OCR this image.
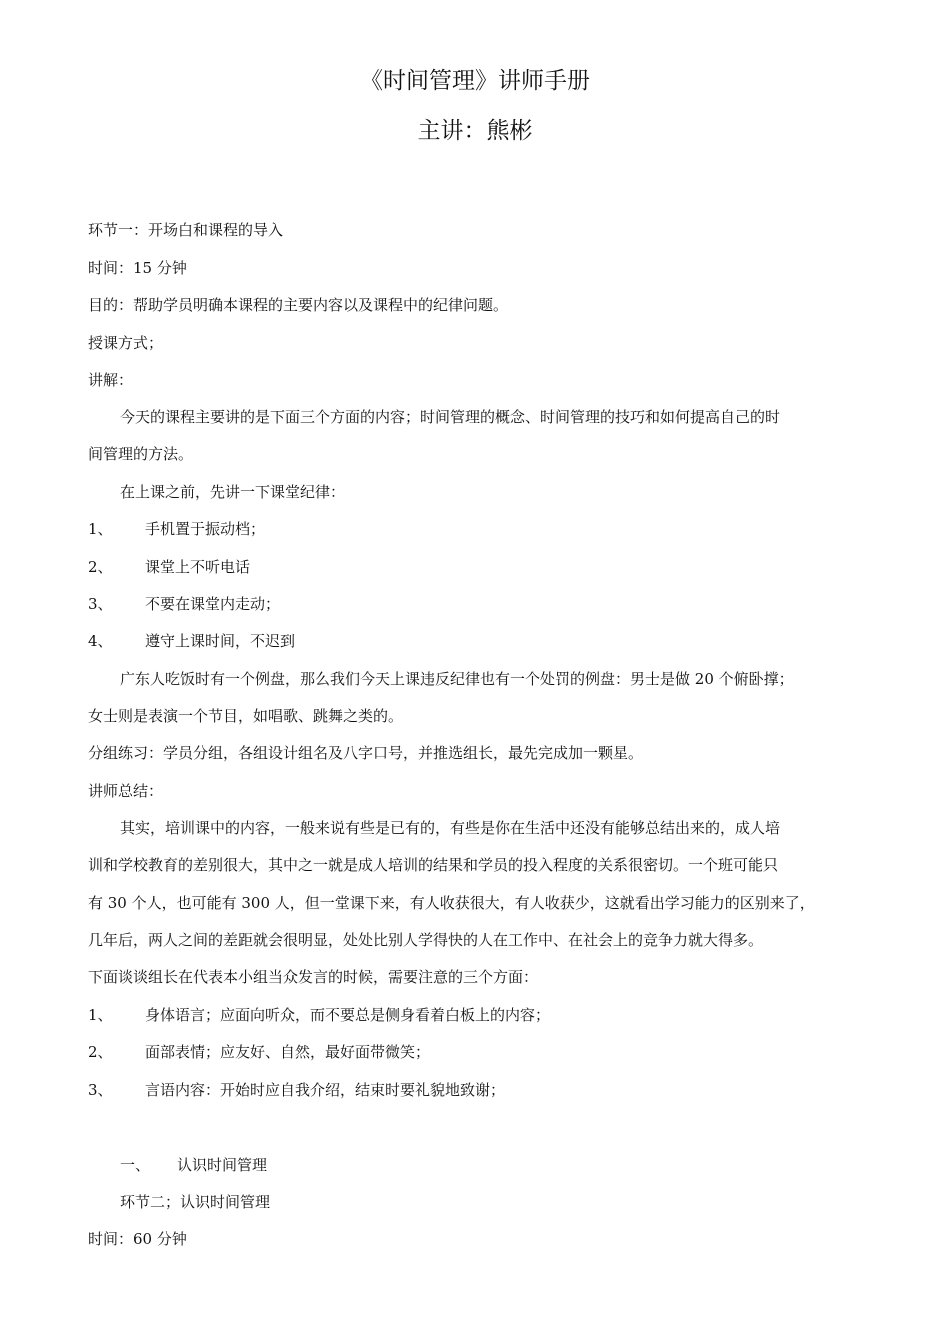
《时间管理》讲师手册
主讲：熊彬

环节一：开场白和课程的导入

时间：15 分钟

目的：帮助学员明确本课程的主要内容以及课程中的纪律问题。

授课方式；

讲解：

今天的课程主要讲的是下面三个方面的内容；时间管理的概念、时间管理的技巧和如何提高自己的时

间管理的方法。

在上课之前，先讲一下课堂纪律：

1、 手机置于振动档；

2、 课堂上不听电话

3、 不要在课堂内走动；

4、 遵守上课时间，不迟到

广东人吃饭时有一个例盘，那么我们今天上课违反纪律也有一个处罚的例盘：男士是做 20 个俯卧撑；

女士则是表演一个节目，如唱歌、跳舞之类的。

分组练习：学员分组，各组设计组名及八字口号，并推选组长，最先完成加一颗星。

讲师总结：

其实，培训课中的内容，一般来说有些是已有的，有些是你在生活中还没有能够总结出来的，成人培

训和学校教育的差别很大，其中之一就是成人培训的结果和学员的投入程度的关系很密切。一个班可能只

有 30 个人，也可能有 300 人，但一堂课下来，有人收获很大，有人收获少，这就看出学习能力的区别来了，

几年后，两人之间的差距就会很明显，处处比别人学得快的人在工作中、在社会上的竞争力就大得多。

下面谈谈组长在代表本小组当众发言的时候，需要注意的三个方面：

1、 身体语言；应面向听众，而不要总是侧身看着白板上的内容；

2、 面部表情；应友好、自然，最好面带微笑；

3、 言语内容：开始时应自我介绍，结束时要礼貌地致谢；

一、 认识时间管理

环节二；认识时间管理

时间：60 分钟
